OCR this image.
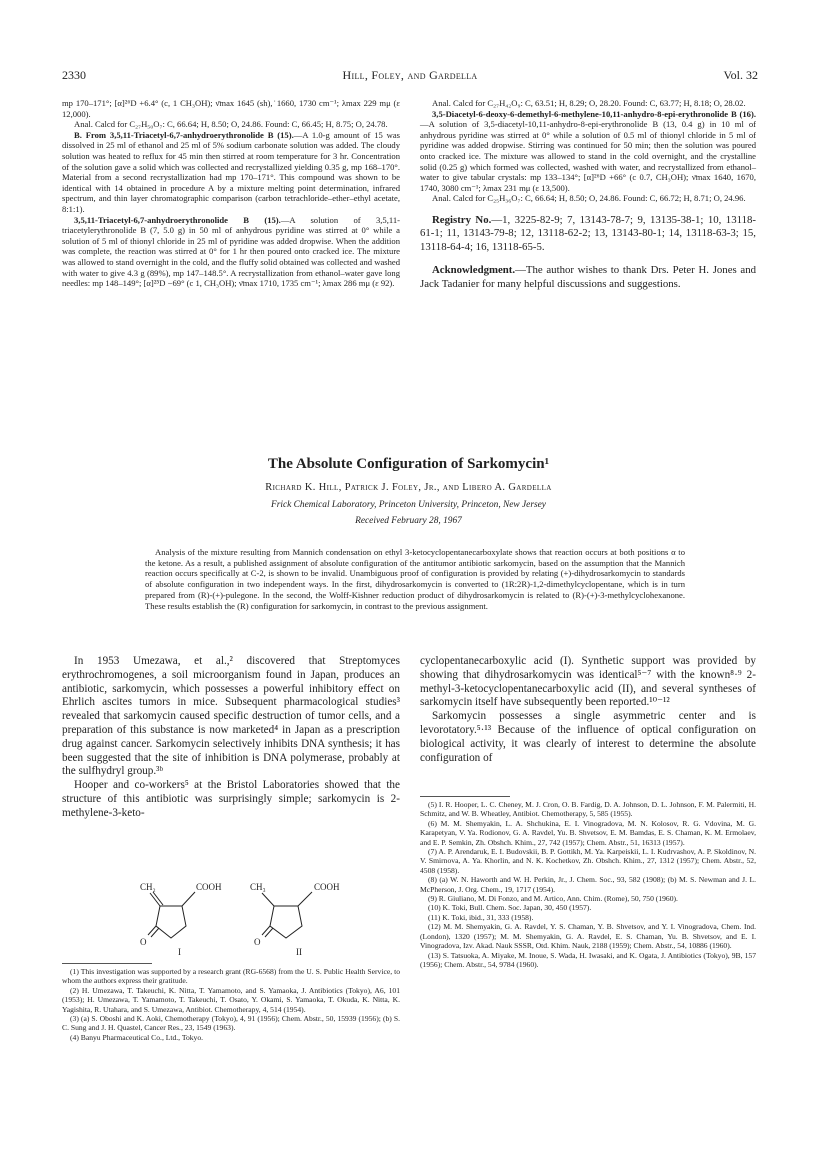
2330	Hill, Foley, and Gardella	Vol. 32

mp 170–171°; [α]²⁶D +6.4° (c, 1 CH₃OH); ν̄max 1645 (sh),˙1660, 1730 cm⁻¹; λmax 229 mμ (ε 12,000).

Anal. Calcd for C₂₇H₅₀O₇: C, 66.64; H, 8.50; O, 24.86. Found: C, 66.45; H, 8.75; O, 24.78.

B. From 3,5,11-Triacetyl-6,7-anhydroerythronolide B (15).—A 1.0-g amount of 15 was dissolved in 25 ml of ethanol and 25 ml of 5% sodium carbonate solution was added. The cloudy solution was heated to reflux for 45 min then stirred at room temperature for 3 hr. Concentration of the solution gave a solid which was collected and recrystallized yielding 0.35 g, mp 168–170°. Material from a second recrystallization had mp 170–171°. This compound was shown to be identical with 14 obtained in procedure A by a mixture melting point determination, infrared spectrum, and thin layer chromatographic comparison (carbon tetrachloride–ether–ethyl acetate, 8:1:1).

3,5,11-Triacetyl-6,7-anhydroerythronolide B (15).—A solution of 3,5,11-triacetylerythronolide B (7, 5.0 g) in 50 ml of anhydrous pyridine was stirred at 0° while a solution of 5 ml of thionyl chloride in 25 ml of pyridine was added dropwise. When the addition was complete, the reaction was stirred at 0° for 1 hr then poured onto cracked ice. The mixture was allowed to stand overnight in the cold, and the fluffy solid obtained was collected and washed with water to give 4.3 g (89%), mp 147–148.5°. A recrystallization from ethanol–water gave long needles: mp 148–149°; [α]²⁵D −69° (c 1, CH₃OH); ν̄max 1710, 1735 cm⁻¹; λmax 286 mμ (ε 92).

Anal. Calcd for C₂₇H₄₂O₉: C, 63.51; H, 8.29; O, 28.20. Found: C, 63.77; H, 8.18; O, 28.02.

3,5-Diacetyl-6-deoxy-6-demethyl-6-methylene-10,11-anhydro-8-epi-erythronolide B (16).—A solution of 3,5-diacetyl-10,11-anhydro-8-epi-erythronolide B (13, 0.4 g) in 10 ml of anhydrous pyridine was stirred at 0° while a solution of 0.5 ml of thionyl chloride in 5 ml of pyridine was added dropwise. Stirring was continued for 50 min; then the solution was poured onto cracked ice. The mixture was allowed to stand in the cold overnight, and the crystalline solid (0.25 g) which formed was collected, washed with water, and recrystallized from ethanol–water to give tabular crystals: mp 133–134°; [α]²⁶D +66° (c 0.7, CH₃OH); ν̄max 1640, 1670, 1740, 3080 cm⁻¹; λmax 231 mμ (ε 13,500).

Anal. Calcd for C₂₅H₃₆O₇: C, 66.64; H, 8.50; O, 24.86. Found: C, 66.72; H, 8.71; O, 24.96.

Registry No.—1, 3225-82-9; 7, 13143-78-7; 9, 13135-38-1; 10, 13118-61-1; 11, 13143-79-8; 12, 13118-62-2; 13, 13143-80-1; 14, 13118-63-3; 15, 13118-64-4; 16, 13118-65-5.

Acknowledgment.—The author wishes to thank Drs. Peter H. Jones and Jack Tadanier for many helpful discussions and suggestions.

The Absolute Configuration of Sarkomycin¹
Richard K. Hill, Patrick J. Foley, Jr., and Libero A. Gardella
Frick Chemical Laboratory, Princeton University, Princeton, New Jersey
Received February 28, 1967
Analysis of the mixture resulting from Mannich condensation on ethyl 3-ketocyclopentanecarboxylate shows that reaction occurs at both positions α to the ketone. As a result, a published assignment of absolute configuration of the antitumor antibiotic sarkomycin, based on the assumption that the Mannich reaction occurs specifically at C-2, is shown to be invalid. Unambiguous proof of configuration is provided by relating (+)-dihydrosarkomycin to standards of absolute configuration in two independent ways. In the first, dihydrosarkomycin is converted to (1R:2R)-1,2-dimethylcyclopentane, which is in turn prepared from (R)-(+)-pulegone. In the second, the Wolff-Kishner reduction product of dihydrosarkomycin is related to (R)-(+)-3-methylcyclohexanone. These results establish the (R) configuration for sarkomycin, in contrast to the previous assignment.

In 1953 Umezawa, et al.,² discovered that Streptomyces erythrochromogenes, a soil microorganism found in Japan, produces an antibiotic, sarkomycin, which possesses a powerful inhibitory effect on Ehrlich ascites tumors in mice. Subsequent pharmacological studies³ revealed that sarkomycin caused specific destruction of tumor cells, and a preparation of this substance is now marketed⁴ in Japan as a prescription drug against cancer. Sarkomycin selectively inhibits DNA synthesis; it has been suggested that the site of inhibition is DNA polymerase, probably at the sulfhydryl group.³ᵇ

Hooper and co-workers⁵ at the Bristol Laboratories showed that the structure of this antibiotic was surprisingly simple; sarkomycin is 2-methylene-3-keto-

CH₂	COOH
O
I
CH₃	COOH
O
II

(1) This investigation was supported by a research grant (RG-6568) from the U. S. Public Health Service, to whom the authors express their gratitude.

(2) H. Umezawa, T. Takeuchi, K. Nitta, T. Yamamoto, and S. Yamaoka, J. Antibiotics (Tokyo), A6, 101 (1953); H. Umezawa, T. Yamamoto, T. Takeuchi, T. Osato, Y. Okami, S. Yamaoka, T. Okuda, K. Nitta, K. Yagishita, R. Utahara, and S. Umezawa, Antibiot. Chemotherapy, 4, 514 (1954).

(3) (a) S. Oboshi and K. Aoki, Chemotherapy (Tokyo), 4, 91 (1956); Chem. Abstr., 50, 15939 (1956); (b) S. C. Sung and J. H. Quastel, Cancer Res., 23, 1549 (1963).

(4) Banyu Pharmaceutical Co., Ltd., Tokyo.

cyclopentanecarboxylic acid (I). Synthetic support was provided by showing that dihydrosarkomycin was identical⁵⁻⁷ with the known⁸·⁹ 2-methyl-3-ketocyclopentanecarboxylic acid (II), and several syntheses of sarkomycin itself have subsequently been reported.¹⁰⁻¹²

Sarkomycin possesses a single asymmetric center and is levorotatory.⁵·¹³ Because of the influence of optical configuration on biological activity, it was clearly of interest to determine the absolute configuration of

(5) I. R. Hooper, L. C. Cheney, M. J. Cron, O. B. Fardig, D. A. Johnson, D. L. Johnson, F. M. Palermiti, H. Schmitz, and W. B. Wheatley, Antibiot. Chemotherapy, 5, 585 (1955).

(6) M. M. Shemyakin, L. A. Shchukina, E. I. Vinogradova, M. N. Kolosov, R. G. Vdovina, M. G. Karapetyan, V. Ya. Rodionov, G. A. Ravdel, Yu. B. Shvetsov, E. M. Bamdas, E. S. Chaman, K. M. Ermolaev, and E. P. Semkin, Zh. Obshch. Khim., 27, 742 (1957); Chem. Abstr., 51, 16313 (1957).

(7) A. P. Arendaruk, E. I. Budovskii, B. P. Gottikh, M. Ya. Karpeiskii, L. I. Kudrvashov, A. P. Skoldinov, N. V. Smirnova, A. Ya. Khorlin, and N. K. Kochetkov, Zh. Obshch. Khim., 27, 1312 (1957); Chem. Abstr., 52, 4508 (1958).

(8) (a) W. N. Haworth and W. H. Perkin, Jr., J. Chem. Soc., 93, 582 (1908); (b) M. S. Newman and J. L. McPherson, J. Org. Chem., 19, 1717 (1954).

(9) R. Giuliano, M. Di Fonzo, and M. Artico, Ann. Chim. (Rome), 50, 750 (1960).

(10) K. Toki, Bull. Chem. Soc. Japan, 30, 450 (1957).

(11) K. Toki, ibid., 31, 333 (1958).

(12) M. M. Shemyakin, G. A. Ravdel, Y. S. Chaman, Y. B. Shvetsov, and Y. I. Vinogradova, Chem. Ind. (London), 1320 (1957); M. M. Shemyakin, G. A. Ravdel, E. S. Chaman, Yu. B. Shvetsov, and E. I. Vinogradova, Izv. Akad. Nauk SSSR, Otd. Khim. Nauk, 2188 (1959); Chem. Abstr., 54, 10886 (1960).

(13) S. Tatsuoka, A. Miyake, M. Inoue, S. Wada, H. Iwasaki, and K. Ogata, J. Antibiotics (Tokyo), 9B, 157 (1956); Chem. Abstr., 54, 9784 (1960).
